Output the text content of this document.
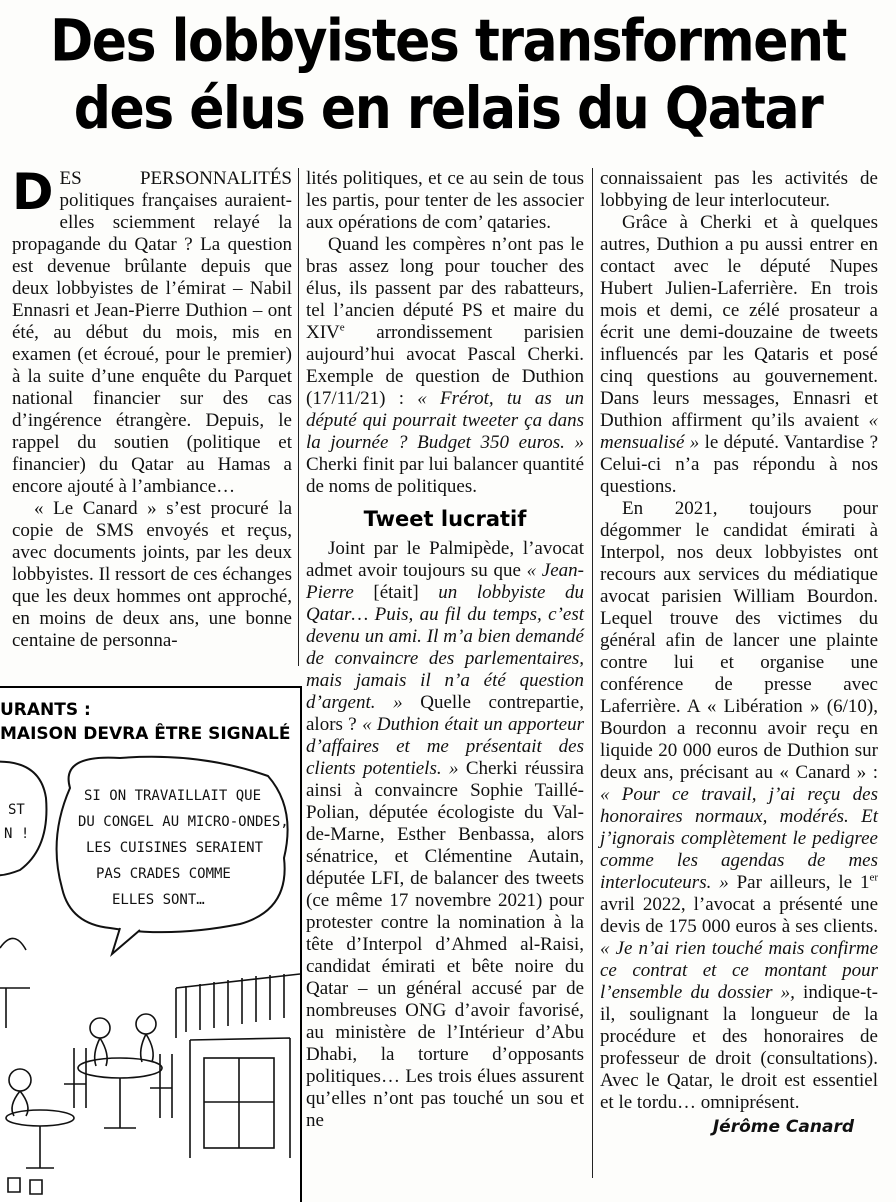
Des lobbyistes transforment
des élus en relais du Qatar

DES PERSONNALITÉS politiques françaises auraient-elles sciemment relayé la propagande du Qatar ? La question est devenue brûlante depuis que deux lobbyistes de l’émirat – Nabil Ennasri et Jean-Pierre Duthion – ont été, au début du mois, mis en examen (et écroué, pour le premier) à la suite d’une enquête du Parquet national financier sur des cas d’ingérence étrangère. Depuis, le rappel du soutien (politique et financier) du Qatar au Hamas a encore ajouté à l’ambiance…

« Le Canard » s’est procuré la copie de SMS envoyés et reçus, avec documents joints, par les deux lobbyistes. Il ressort de ces échanges que les deux hommes ont approché, en moins de deux ans, une bonne centaine de personna-

lités politiques, et ce au sein de tous les partis, pour tenter de les associer aux opérations de com’ qataries.

Quand les compères n’ont pas le bras assez long pour toucher des élus, ils passent par des rabatteurs, tel l’ancien député PS et maire du XIVe arrondissement parisien aujourd’hui avocat Pascal Cherki. Exemple de question de Duthion (17/11/21) : « Frérot, tu as un député qui pourrait tweeter ça dans la journée ? Budget 350 euros. » Cherki finit par lui balancer quantité de noms de politiques.

Tweet lucratif

Joint par le Palmipède, l’avocat admet avoir toujours su que « Jean-Pierre [était] un lobbyiste du Qatar… Puis, au fil du temps, c’est devenu un ami. Il m’a bien demandé de convaincre des parlementaires, mais jamais il n’a été question d’argent. » Quelle contrepartie, alors ? « Duthion était un apporteur d’affaires et me présentait des clients potentiels. » Cherki réussira ainsi à convaincre Sophie Taillé-Polian, députée écologiste du Val-de-Marne, Esther Benbassa, alors sénatrice, et Clémentine Autain, députée LFI, de balancer des tweets (ce même 17 novembre 2021) pour protester contre la nomination à la tête d’Interpol d’Ahmed al-Raisi, candidat émirati et bête noire du Qatar – un général accusé par de nombreuses ONG d’avoir favorisé, au ministère de l’Intérieur d’Abu Dhabi, la torture d’opposants politiques… Les trois élues assurent qu’elles n’ont pas touché un sou et ne

connaissaient pas les activités de lobbying de leur interlocuteur.

Grâce à Cherki et à quelques autres, Duthion a pu aussi entrer en contact avec le député Nupes Hubert Julien-Laferrière. En trois mois et demi, ce zélé prosateur a écrit une demi-douzaine de tweets influencés par les Qataris et posé cinq questions au gouvernement. Dans leurs messages, Ennasri et Duthion affirment qu’ils avaient « mensualisé » le député. Vantardise ? Celui-ci n’a pas répondu à nos questions.

En 2021, toujours pour dégommer le candidat émirati à Interpol, nos deux lobbyistes ont recours aux services du médiatique avocat parisien William Bourdon. Lequel trouve des victimes du général afin de lancer une plainte contre lui et organise une conférence de presse avec Laferrière. A « Libération » (6/10), Bourdon a reconnu avoir reçu en liquide 20 000 euros de Duthion sur deux ans, précisant au « Canard » : « Pour ce travail, j’ai reçu des honoraires normaux, modérés. Et j’ignorais complètement le pedigree comme les agendas de mes interlocuteurs. » Par ailleurs, le 1er avril 2022, l’avocat a présenté une devis de 175 000 euros à ses clients. « Je n’ai rien touché mais confirme ce contrat et ce montant pour l’ensemble du dossier », indique-t-il, soulignant la longueur de la procédure et des honoraires de professeur de droit (consultations). Avec le Qatar, le droit est essentiel et le tordu… omniprésent.

Jérôme Canard
URANTS :
MAISON DEVRA ÊTRE SIGNALÉ
ST
N !
SI ON TRAVAILLAIT QUE
DU CONGEL AU MICRO-ONDES,
LES CUISINES SERAIENT
PAS CRADES COMME
ELLES SONT…
